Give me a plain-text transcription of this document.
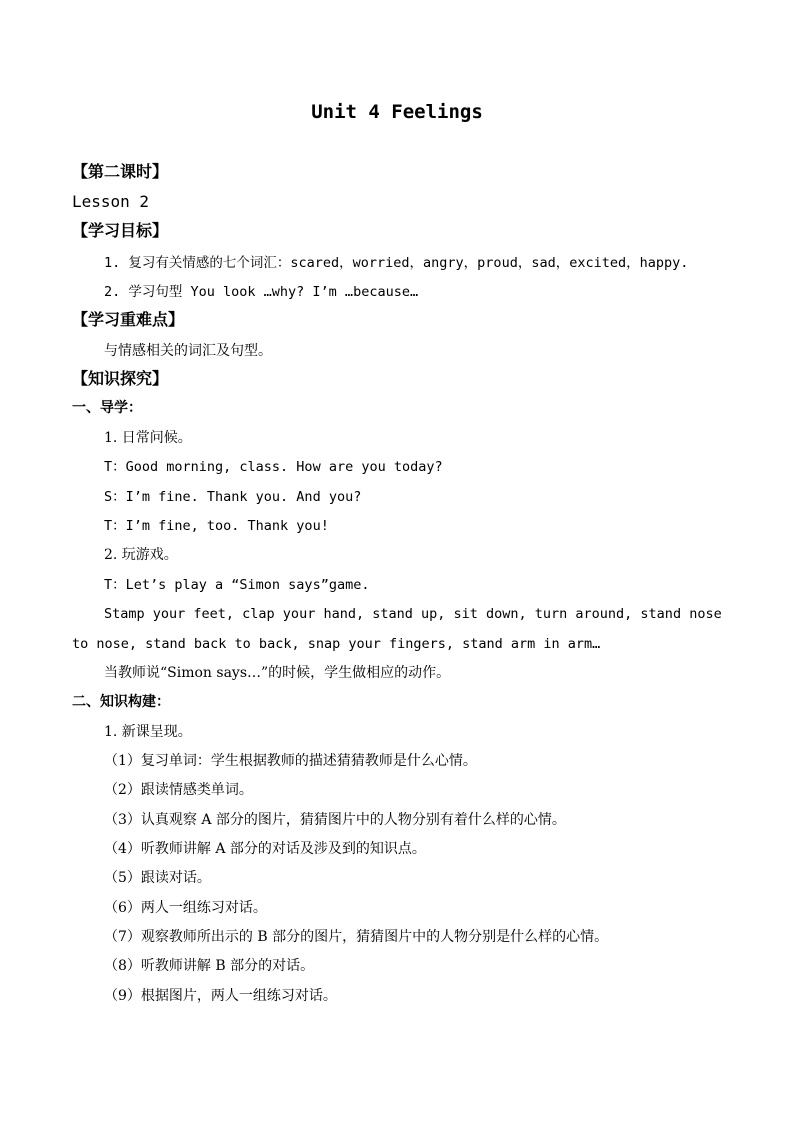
Unit 4 Feelings
【第二课时】
Lesson 2
【学习目标】
1. 复习有关情感的七个词汇：scared，worried，angry，proud，sad，excited，happy.
2. 学习句型 You look …why? I’m …because…
【学习重难点】
与情感相关的词汇及句型。
【知识探究】
一、导学：
1. 日常问候。
T：Good morning, class. How are you today?
S：I’m fine. Thank you. And you?
T：I’m fine, too. Thank you!
2. 玩游戏。
T：Let’s play a “Simon says”game.
Stamp your feet, clap your hand, stand up, sit down, turn around, stand nose
to nose, stand back to back, snap your fingers, stand arm in arm…
当教师说“Simon says…”的时候，学生做相应的动作。
二、知识构建：
1. 新课呈现。
（1）复习单词：学生根据教师的描述猜猜教师是什么心情。
（2）跟读情感类单词。
（3）认真观察 A 部分的图片，猜猜图片中的人物分别有着什么样的心情。
（4）听教师讲解 A 部分的对话及涉及到的知识点。
（5）跟读对话。
（6）两人一组练习对话。
（7）观察教师所出示的 B 部分的图片，猜猜图片中的人物分别是什么样的心情。
（8）听教师讲解 B 部分的对话。
（9）根据图片，两人一组练习对话。
